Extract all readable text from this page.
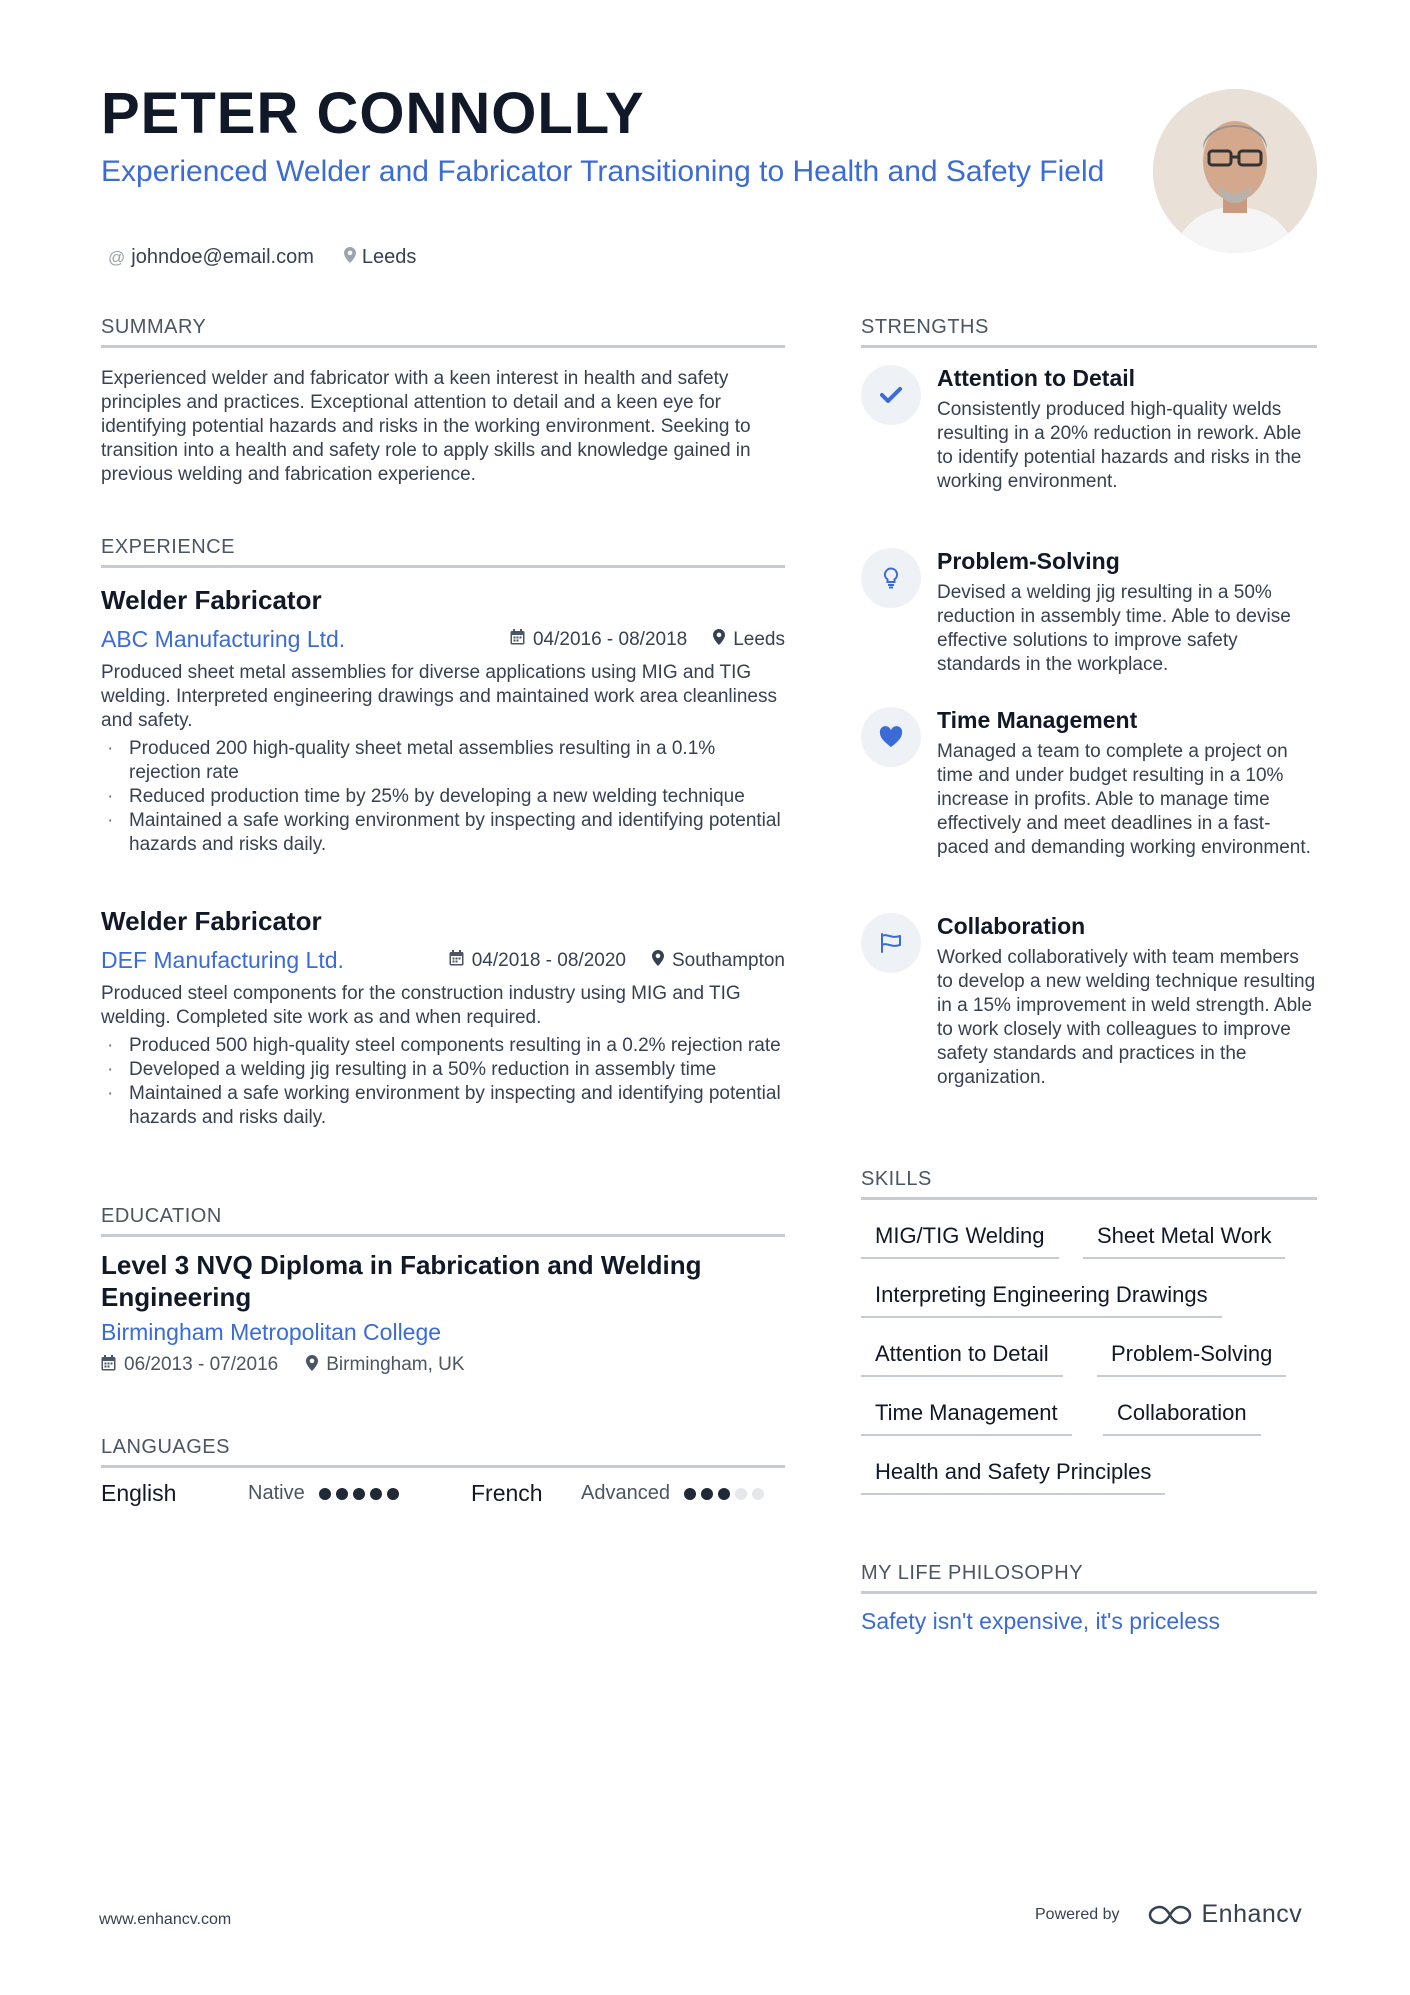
PETER CONNOLLY

Experienced Welder and Fabricator Transitioning to Health and Safety Field

@ johndoe@email.com Leeds
SUMMARY

Experienced welder and fabricator with a keen interest in health and safety principles and practices. Exceptional attention to detail and a keen eye for identifying potential hazards and risks in the working environment. Seeking to transition into a health and safety role to apply skills and knowledge gained in previous welding and fabrication experience.

EXPERIENCE
Welder Fabricator
ABC Manufacturing Ltd.	04/2016 - 08/2018 Leeds

Produced sheet metal assemblies for diverse applications using MIG and TIG welding. Interpreted engineering drawings and maintained work area cleanliness and safety.

· Produced 200 high-quality sheet metal assemblies resulting in a 0.1% rejection rate
· Reduced production time by 25% by developing a new welding technique
· Maintained a safe working environment by inspecting and identifying potential hazards and risks daily.
Welder Fabricator
DEF Manufacturing Ltd.	04/2018 - 08/2020 Southampton

Produced steel components for the construction industry using MIG and TIG welding. Completed site work as and when required.

· Produced 500 high-quality steel components resulting in a 0.2% rejection rate
· Developed a welding jig resulting in a 50% reduction in assembly time
· Maintained a safe working environment by inspecting and identifying potential hazards and risks daily.
EDUCATION
Level 3 NVQ Diploma in Fabrication and Welding Engineering

Birmingham Metropolitan College

06/2013 - 07/2016	Birmingham, UK
LANGUAGES
English	Native	French	Advanced
STRENGTHS
Attention to Detail

Consistently produced high-quality welds resulting in a 20% reduction in rework. Able to identify potential hazards and risks in the working environment.

Problem-Solving

Devised a welding jig resulting in a 50% reduction in assembly time. Able to devise effective solutions to improve safety standards in the workplace.

Time Management

Managed a team to complete a project on time and under budget resulting in a 10% increase in profits. Able to manage time effectively and meet deadlines in a fast-paced and demanding working environment.

Collaboration

Worked collaboratively with team members to develop a new welding technique resulting in a 15% improvement in weld strength. Able to work closely with colleagues to improve safety standards and practices in the organization.

SKILLS
MIG/TIG Welding	Sheet Metal Work
Interpreting Engineering Drawings
Attention to Detail	Problem-Solving
Time Management	Collaboration
Health and Safety Principles
MY LIFE PHILOSOPHY

Safety isn't expensive, it's priceless

www.enhancv.com	Powered by	Enhancv
